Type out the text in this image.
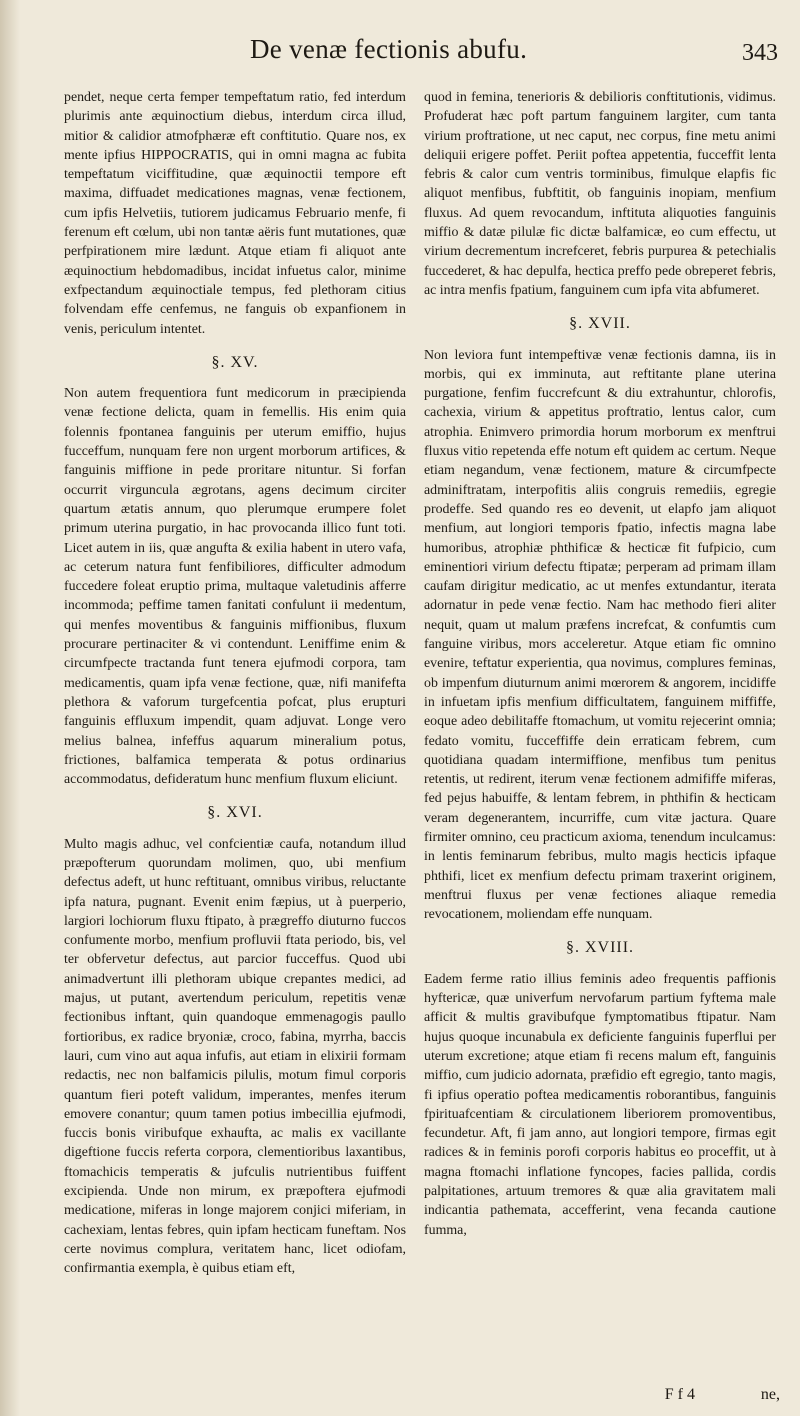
De venæ fectionis abufu.	343

pendet, neque certa femper tempeftatum ratio, fed interdum plurimis ante æquinoctium diebus, interdum circa illud, mitior & calidior atmofphæræ eft conftitutio. Quare nos, ex mente ipfius HIPPOCRATIS, qui in omni magna ac fubita tempeftatum viciffitudine, quæ æquinoctii tempore eft maxima, diffuadet medicationes magnas, venæ fectionem, cum ipfis Helvetiis, tutiorem judicamus Februario menfe, fi ferenum eft cœlum, ubi non tantæ aëris funt mutationes, quæ perfpirationem mire lædunt. Atque etiam fi aliquot ante æquinoctium hebdomadibus, incidat infuetus calor, minime exfpectandum æquinoctiale tempus, fed plethoram citius folvendam effe cenfemus, ne fanguis ob expanfionem in venis, periculum intentet.

§. XV.

Non autem frequentiora funt medicorum in præcipienda venæ fectione delicta, quam in femellis. His enim quia folennis fpontanea fanguinis per uterum emiffio, hujus fucceffum, nunquam fere non urgent morborum artifices, & fanguinis miffione in pede proritare nituntur. Si forfan occurrit virguncula ægrotans, agens decimum circiter quartum ætatis annum, quo plerumque erumpere folet primum uterina purgatio, in hac provocanda illico funt toti. Licet autem in iis, quæ angufta & exilia habent in utero vafa, ac ceterum natura funt fenfibiliores, difficulter admodum fuccedere foleat eruptio prima, multaque valetudinis afferre incommoda; peffime tamen fanitati confulunt ii medentum, qui menfes moventibus & fanguinis miffionibus, fluxum procurare pertinaciter & vi contendunt. Leniffime enim & circumfpecte tractanda funt tenera ejufmodi corpora, tam medicamentis, quam ipfa venæ fectione, quæ, nifi manifefta plethora & vaforum turgefcentia pofcat, plus erupturi fanguinis effluxum impendit, quam adjuvat. Longe vero melius balnea, infeffus aquarum mineralium potus, frictiones, balfamica temperata & potus ordinarius accommodatus, defideratum hunc menfium fluxum eliciunt.

§. XVI.

Multo magis adhuc, vel confcientiæ caufa, notandum illud præpofterum quorundam molimen, quo, ubi menfium defectus adeft, ut hunc reftituant, omnibus viribus, reluctante ipfa natura, pugnant. Evenit enim fæpius, ut à puerperio, largiori lochiorum fluxu ftipato, à prægreffo diuturno fuccos confumente morbo, menfium profluvii ftata periodo, bis, vel ter obfervetur defectus, aut parcior fucceffus. Quod ubi animadvertunt illi plethoram ubique crepantes medici, ad majus, ut putant, avertendum periculum, repetitis venæ fectionibus inftant, quin quandoque emmenagogis paullo fortioribus, ex radice bryoniæ, croco, fabina, myrrha, baccis lauri, cum vino aut aqua infufis, aut etiam in elixirii formam redactis, nec non balfamicis pilulis, motum fimul corporis quantum fieri poteft validum, imperantes, menfes iterum emovere conantur; quum tamen potius imbecillia ejufmodi, fuccis bonis viribufque exhaufta, ac malis ex vacillante digeftione fuccis referta corpora, clementioribus laxantibus, ftomachicis temperatis & jufculis nutrientibus fuiffent excipienda. Unde non mirum, ex præpoftera ejufmodi medicatione, miferas in longe majorem conjici miferiam, in cachexiam, lentas febres, quin ipfam hecticam funeftam. Nos certe novimus complura, veritatem hanc, licet odiofam, confirmantia exempla, è quibus etiam eft,

quod in femina, tenerioris & debilioris conftitutionis, vidimus. Profuderat hæc poft partum fanguinem largiter, cum tanta virium proftratione, ut nec caput, nec corpus, fine metu animi deliquii erigere poffet. Periit poftea appetentia, fucceffit lenta febris & calor cum ventris torminibus, fimulque elapfis fic aliquot menfibus, fubftitit, ob fanguinis inopiam, menfium fluxus. Ad quem revocandum, inftituta aliquoties fanguinis miffio & datæ pilulæ fic dictæ balfamicæ, eo cum effectu, ut virium decrementum increfceret, febris purpurea & petechialis fuccederet, & hac depulfa, hectica preffo pede obreperet febris, ac intra menfis fpatium, fanguinem cum ipfa vita abfumeret.

§. XVII.

Non leviora funt intempeftivæ venæ fectionis damna, iis in morbis, qui ex imminuta, aut reftitante plane uterina purgatione, fenfim fuccrefcunt & diu extrahuntur, chlorofis, cachexia, virium & appetitus proftratio, lentus calor, cum atrophia. Enimvero primordia horum morborum ex menftrui fluxus vitio repetenda effe notum eft quidem ac certum. Neque etiam negandum, venæ fectionem, mature & circumfpecte adminiftratam, interpofitis aliis congruis remediis, egregie prodeffe. Sed quando res eo devenit, ut elapfo jam aliquot menfium, aut longiori temporis fpatio, infectis magna labe humoribus, atrophiæ phthificæ & hecticæ fit fufpicio, cum eminentiori virium defectu ftipatæ; perperam ad primam illam caufam dirigitur medicatio, ac ut menfes extundantur, iterata adornatur in pede venæ fectio. Nam hac methodo fieri aliter nequit, quam ut malum præfens increfcat, & confumtis cum fanguine viribus, mors acceleretur. Atque etiam fic omnino evenire, teftatur experientia, qua novimus, complures feminas, ob impenfum diuturnum animi mœrorem & angorem, incidiffe in infuetam ipfis menfium difficultatem, fanguinem miffiffe, eoque adeo debilitaffe ftomachum, ut vomitu rejecerint omnia; fedato vomitu, fucceffiffe dein erraticam febrem, cum quotidiana quadam intermiffione, menfibus tum penitus retentis, ut redirent, iterum venæ fectionem admififfe miferas, fed pejus habuiffe, & lentam febrem, in phthifin & hecticam veram degenerantem, incurriffe, cum vitæ jactura. Quare firmiter omnino, ceu practicum axioma, tenendum inculcamus: in lentis feminarum febribus, multo magis hecticis ipfaque phthifi, licet ex menfium defectu primam traxerint originem, menftrui fluxus per venæ fectiones aliaque remedia revocationem, moliendam effe nunquam.

§. XVIII.

Eadem ferme ratio illius feminis adeo frequentis paffionis hyftericæ, quæ univerfum nervofarum partium fyftema male afficit & multis gravibufque fymptomatibus ftipatur. Nam hujus quoque incunabula ex deficiente fanguinis fuperflui per uterum excretione; atque etiam fi recens malum eft, fanguinis miffio, cum judicio adornata, præfidio eft egregio, tanto magis, fi ipfius operatio poftea medicamentis roborantibus, fanguinis fpirituafcentiam & circulationem liberiorem promoventibus, fecundetur. Aft, fi jam anno, aut longiori tempore, firmas egit radices & in feminis porofi corporis habitus eo proceffit, ut à magna ftomachi inflatione fyncopes, facies pallida, cordis palpitationes, artuum tremores & quæ alia gravitatem mali indicantia pathemata, accefferint, vena fecanda cautione fumma,

F f 4	ne,
